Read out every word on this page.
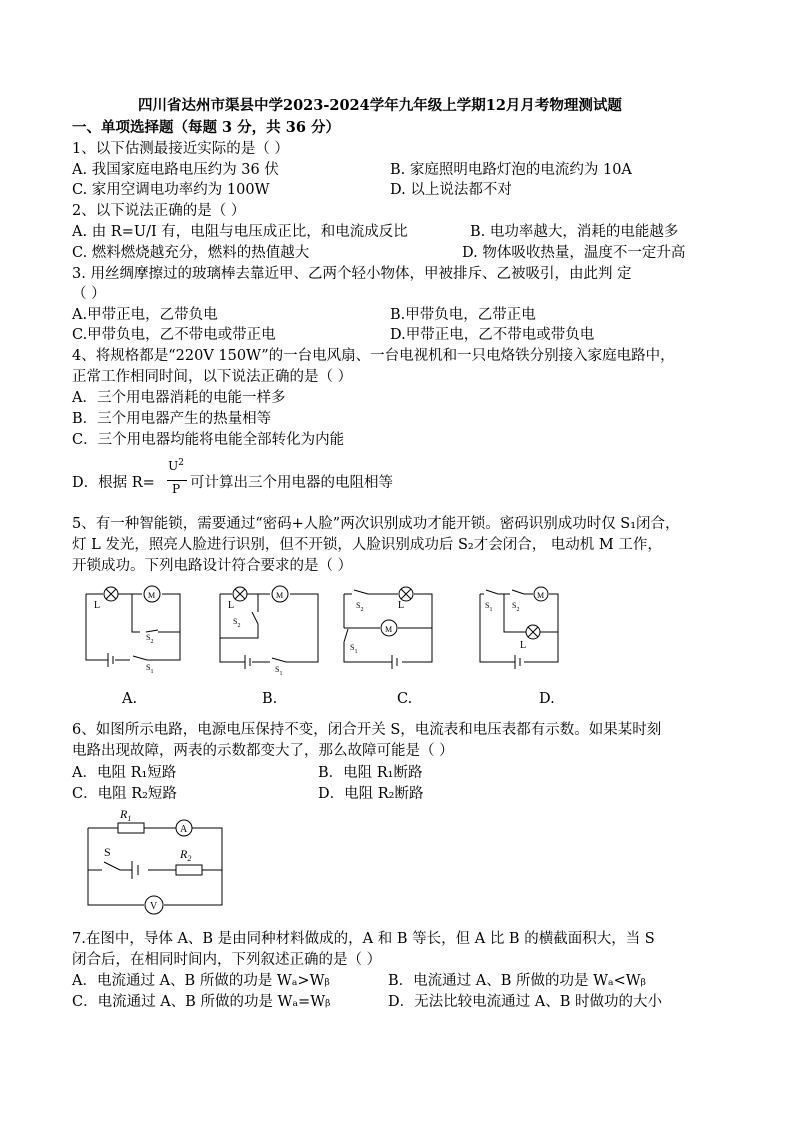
四川省达州市渠县中学2023-2024学年九年级上学期12月月考物理测试题
一、单项选择题（每题 3 分，共 36 分）
1、以下估测最接近实际的是（ ）
A. 我国家庭电路电压约为 36 伏	B. 家庭照明电路灯泡的电流约为 10A
C. 家用空调电功率约为 100W	D. 以上说法都不对
2、以下说法正确的是（ ）
A. 由 R=U/I 有，电阻与电压成正比，和电流成反比	B. 电功率越大，消耗的电能越多
C. 燃料燃烧越充分，燃料的热值越大	D. 物体吸收热量，温度不一定升高
3. 用丝绸摩擦过的玻璃棒去靠近甲、乙两个轻小物体，甲被排斥、乙被吸引，由此判 定
（ ）
A.甲带正电，乙带负电	B.甲带负电，乙带正电
C.甲带负电，乙不带电或带正电	D.甲带正电，乙不带电或带负电
4、将规格都是“220V 150W”的一台电风扇、一台电视机和一只电烙铁分别接入家庭电路中，
正常工作相同时间，以下说法正确的是（ ）
A．三个用电器消耗的电能一样多
B．三个用电器产生的热量相等
C．三个用电器均能将电能全部转化为内能
D．根据 R=
$U^2$
P 可计算出三个用电器的电阻相等
5、有一种智能锁，需要通过“密码+人脸”两次识别成功才能开锁。密码识别成功时仅 S₁闭合，
灯 L 发光，照亮人脸进行识别，但不开锁，人脸识别成功后 S₂才会闭合， 电动机 M 工作，
开锁成功。下列电路设计符合要求的是（ ）
L
M
$S_2$
$S_1$
L
M
$S_2$
$S_1$
$S_2$	L
M
$S_1$
$S_1$ $S_2$
M
L
A.	B.	C.	D.
6、如图所示电路，电源电压保持不变，闭合开关 S，电流表和电压表都有示数。如果某时刻
电路出现故障，两表的示数都变大了，那么故障可能是（ ）
A．电阻 R₁短路	B．电阻 R₁断路
C．电阻 R₂短路	D．电阻 R₂断路
$R_1$
A
S	$R_2$
V
7.在图中，导体 A、B 是由同种材料做成的，A 和 B 等长，但 A 比 B 的横截面积大，当 S
闭合后，在相同时间内，下列叙述正确的是（ ）
A．电流通过 A、B 所做的功是 Wₐ>Wᵦ	B．电流通过 A、B 所做的功是 Wₐ<Wᵦ
C．电流通过 A、B 所做的功是 Wₐ=Wᵦ	D．无法比较电流通过 A、B 时做功的大小
